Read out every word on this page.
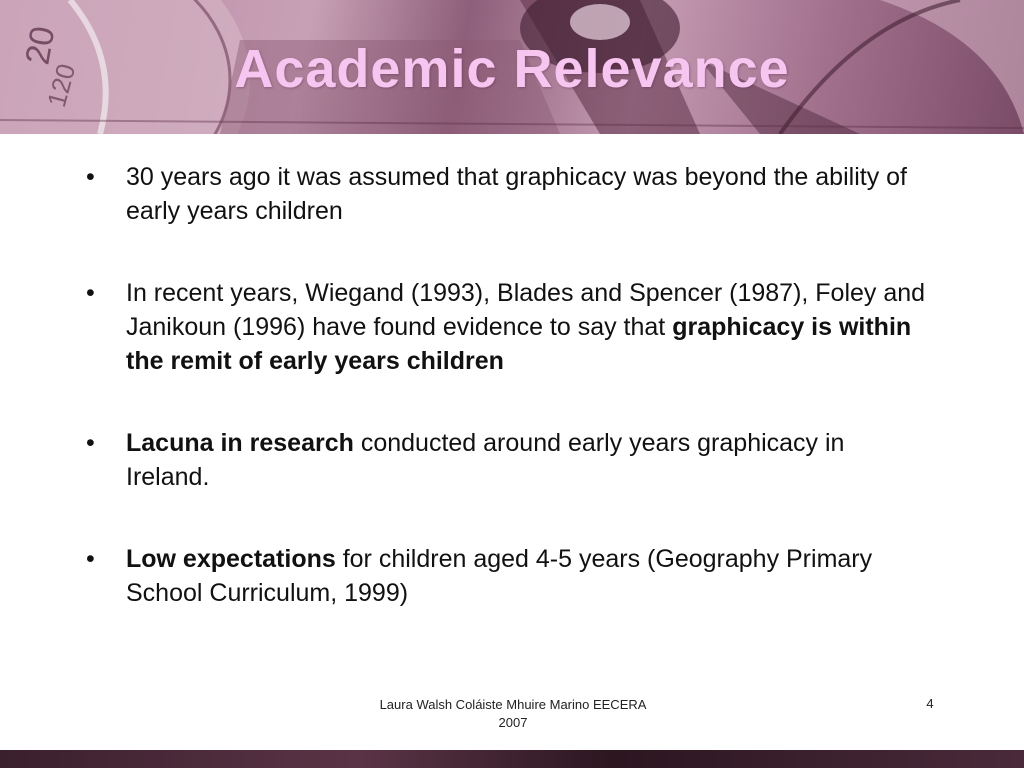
20
120	Academic Relevance
• 30 years ago it was assumed that graphicacy was beyond the ability of early years children
• In recent years, Wiegand (1993), Blades and Spencer (1987), Foley and Janikoun (1996) have found evidence to say that graphicacy is within the remit of early years children
• Lacuna in research conducted around early years graphicacy in Ireland.
• Low expectations for children aged 4-5 years (Geography Primary School Curriculum, 1999)
Laura Walsh Coláiste Mhuire Marino EECERA
2007
4
